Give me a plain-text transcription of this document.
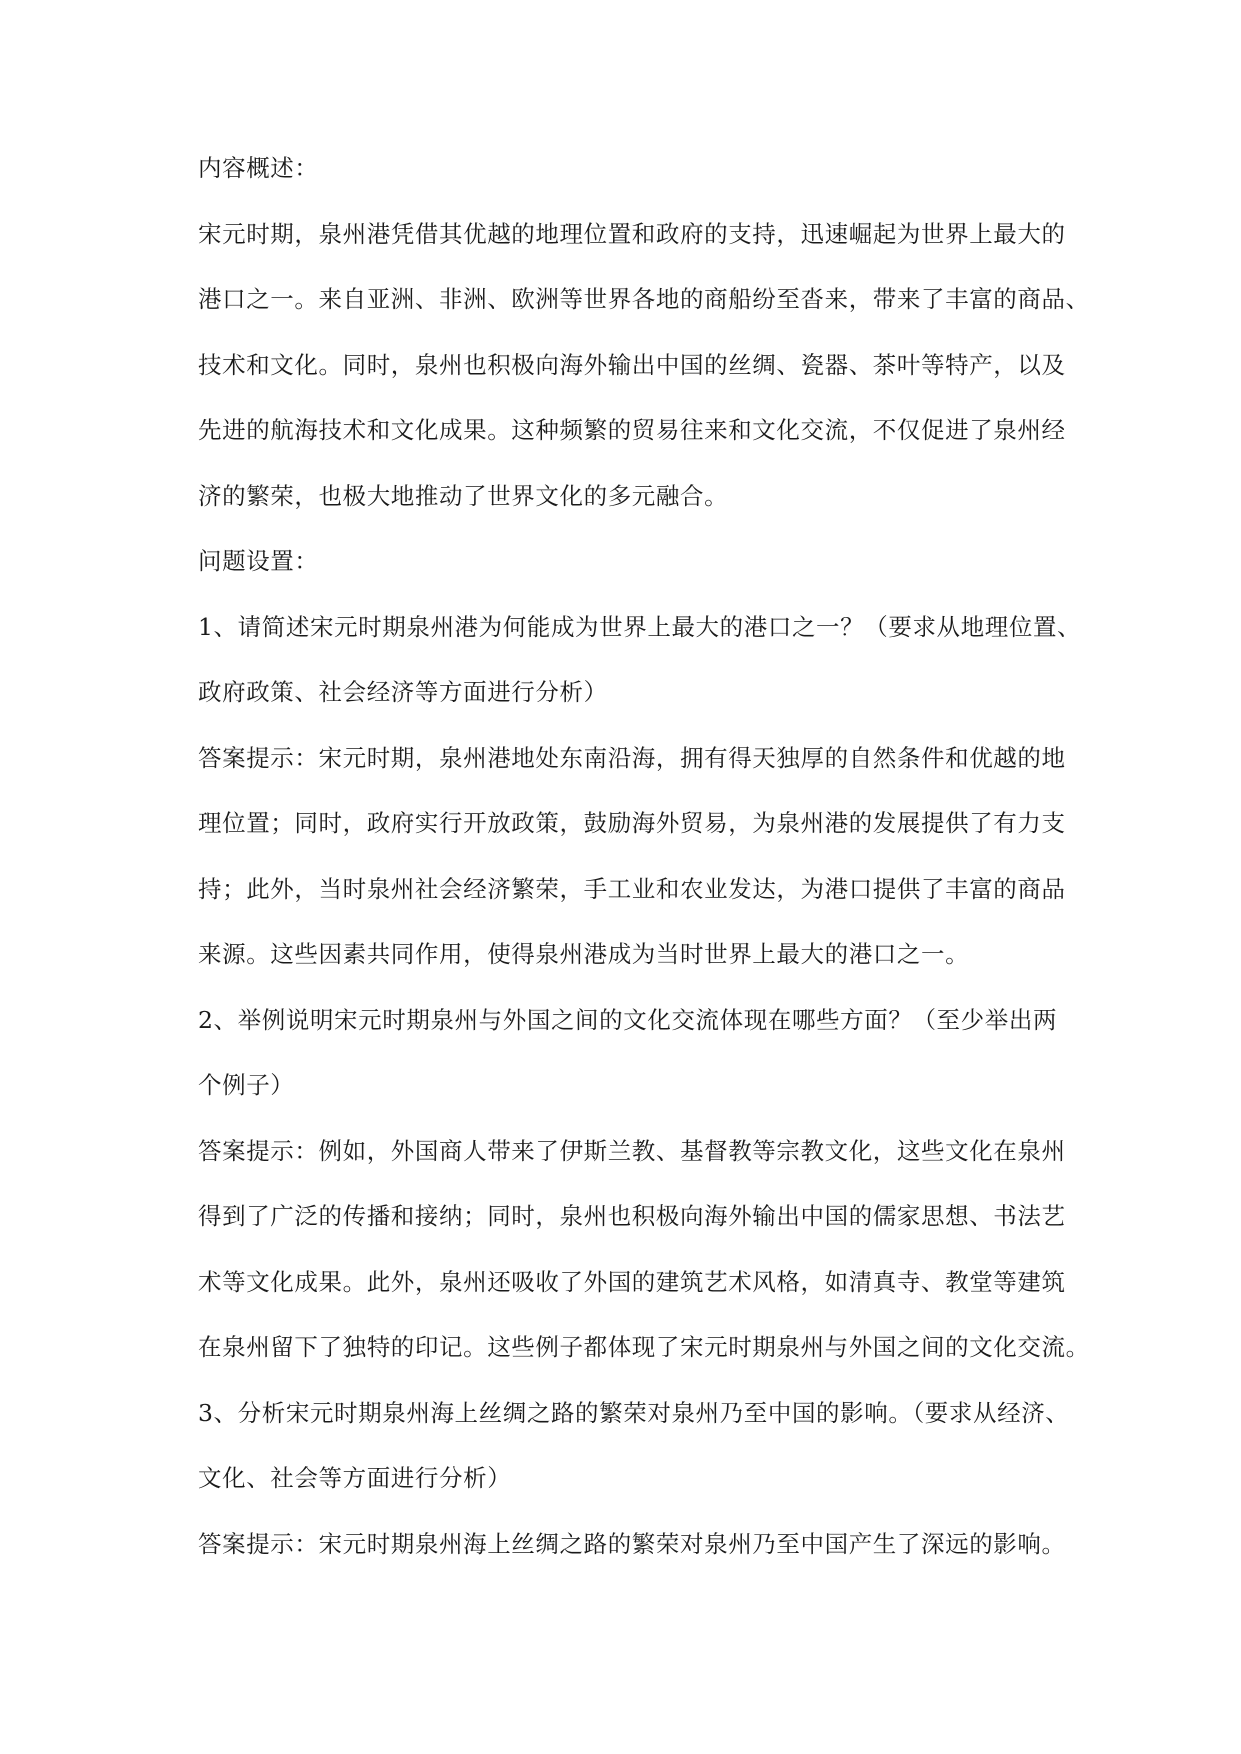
内容概述：
宋元时期，泉州港凭借其优越的地理位置和政府的支持，迅速崛起为世界上最大的
港口之一。来自亚洲、非洲、欧洲等世界各地的商船纷至沓来，带来了丰富的商品、
技术和文化。同时，泉州也积极向海外输出中国的丝绸、瓷器、茶叶等特产，以及
先进的航海技术和文化成果。这种频繁的贸易往来和文化交流，不仅促进了泉州经
济的繁荣，也极大地推动了世界文化的多元融合。
问题设置：
1、请简述宋元时期泉州港为何能成为世界上最大的港口之一？（要求从地理位置、
政府政策、社会经济等方面进行分析）
答案提示：宋元时期，泉州港地处东南沿海，拥有得天独厚的自然条件和优越的地
理位置；同时，政府实行开放政策，鼓励海外贸易，为泉州港的发展提供了有力支
持；此外，当时泉州社会经济繁荣，手工业和农业发达，为港口提供了丰富的商品
来源。这些因素共同作用，使得泉州港成为当时世界上最大的港口之一。
2、举例说明宋元时期泉州与外国之间的文化交流体现在哪些方面？（至少举出两
个例子）
答案提示：例如，外国商人带来了伊斯兰教、基督教等宗教文化，这些文化在泉州
得到了广泛的传播和接纳；同时，泉州也积极向海外输出中国的儒家思想、书法艺
术等文化成果。此外，泉州还吸收了外国的建筑艺术风格，如清真寺、教堂等建筑
在泉州留下了独特的印记。这些例子都体现了宋元时期泉州与外国之间的文化交流。
3、分析宋元时期泉州海上丝绸之路的繁荣对泉州乃至中国的影响。（要求从经济、
文化、社会等方面进行分析）
答案提示：宋元时期泉州海上丝绸之路的繁荣对泉州乃至中国产生了深远的影响。
